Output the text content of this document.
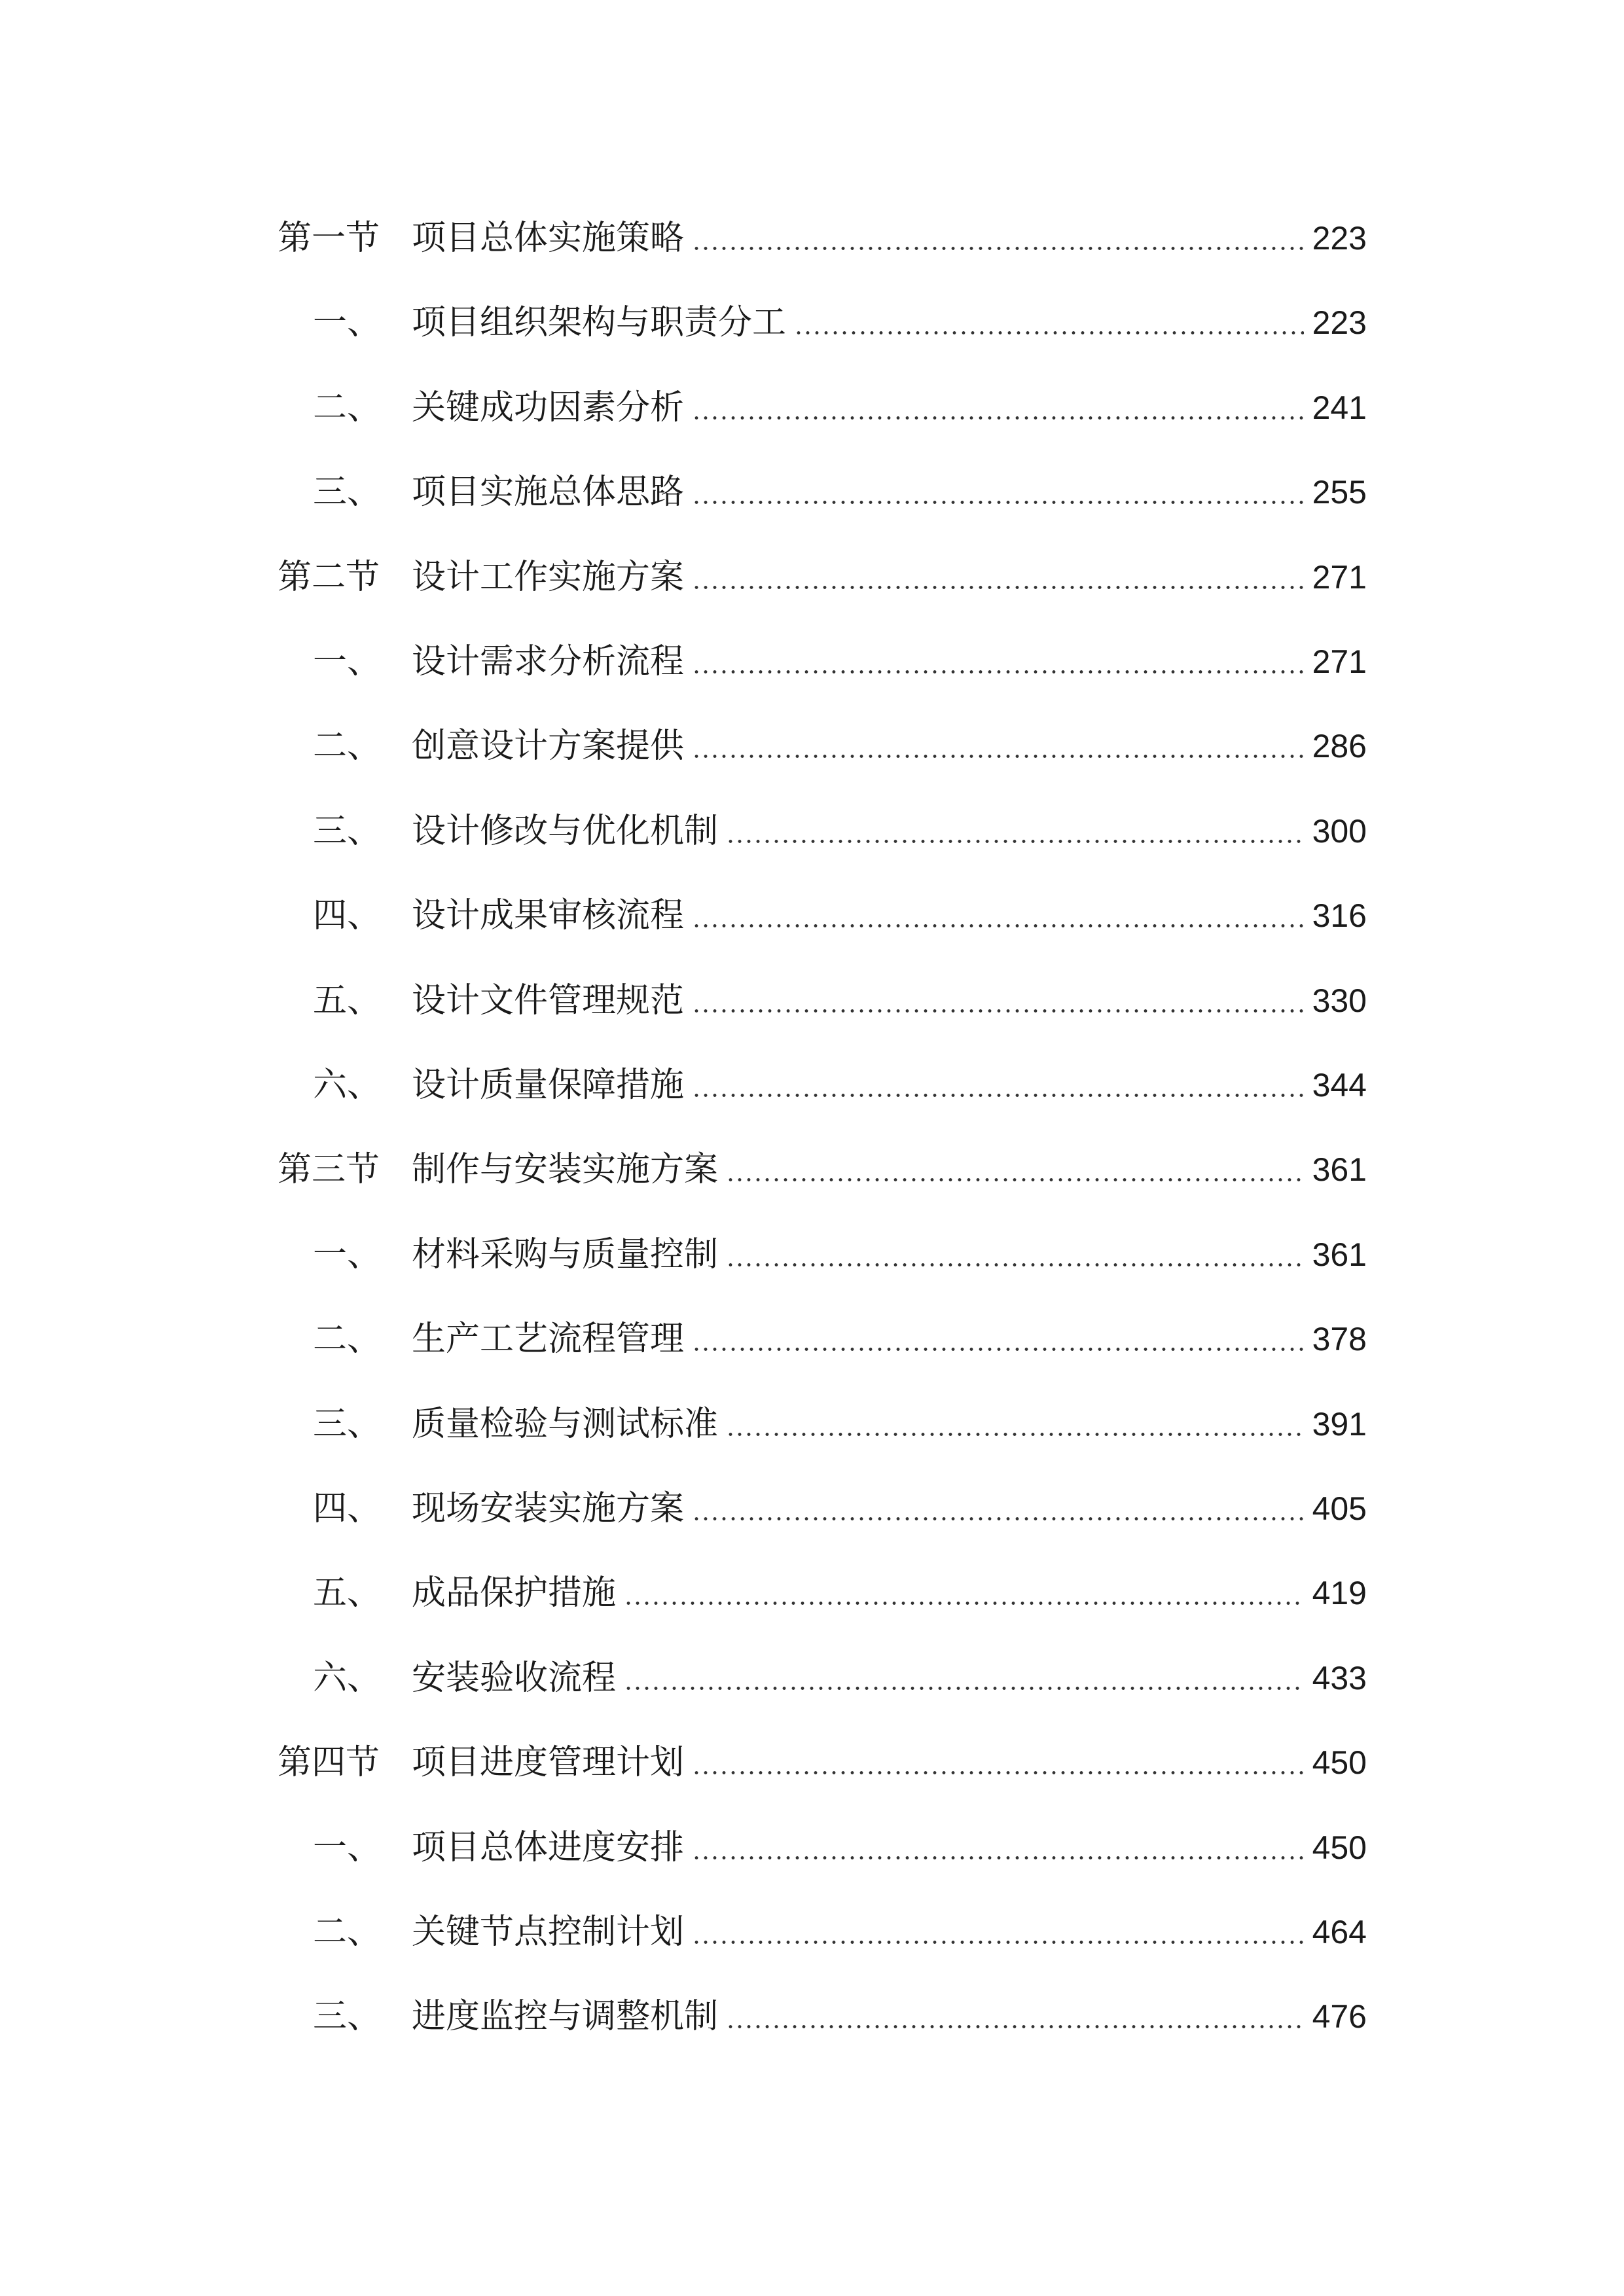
第一节 项目总体实施策略	223
一、 项目组织架构与职责分工	223
二、 关键成功因素分析	241
三、 项目实施总体思路	255
第二节 设计工作实施方案	271
一、 设计需求分析流程	271
二、 创意设计方案提供	286
三、 设计修改与优化机制	300
四、 设计成果审核流程	316
五、 设计文件管理规范	330
六、 设计质量保障措施	344
第三节 制作与安装实施方案	361
一、 材料采购与质量控制	361
二、 生产工艺流程管理	378
三、 质量检验与测试标准	391
四、 现场安装实施方案	405
五、 成品保护措施	419
六、 安装验收流程	433
第四节 项目进度管理计划	450
一、 项目总体进度安排	450
二、 关键节点控制计划	464
三、 进度监控与调整机制	476
